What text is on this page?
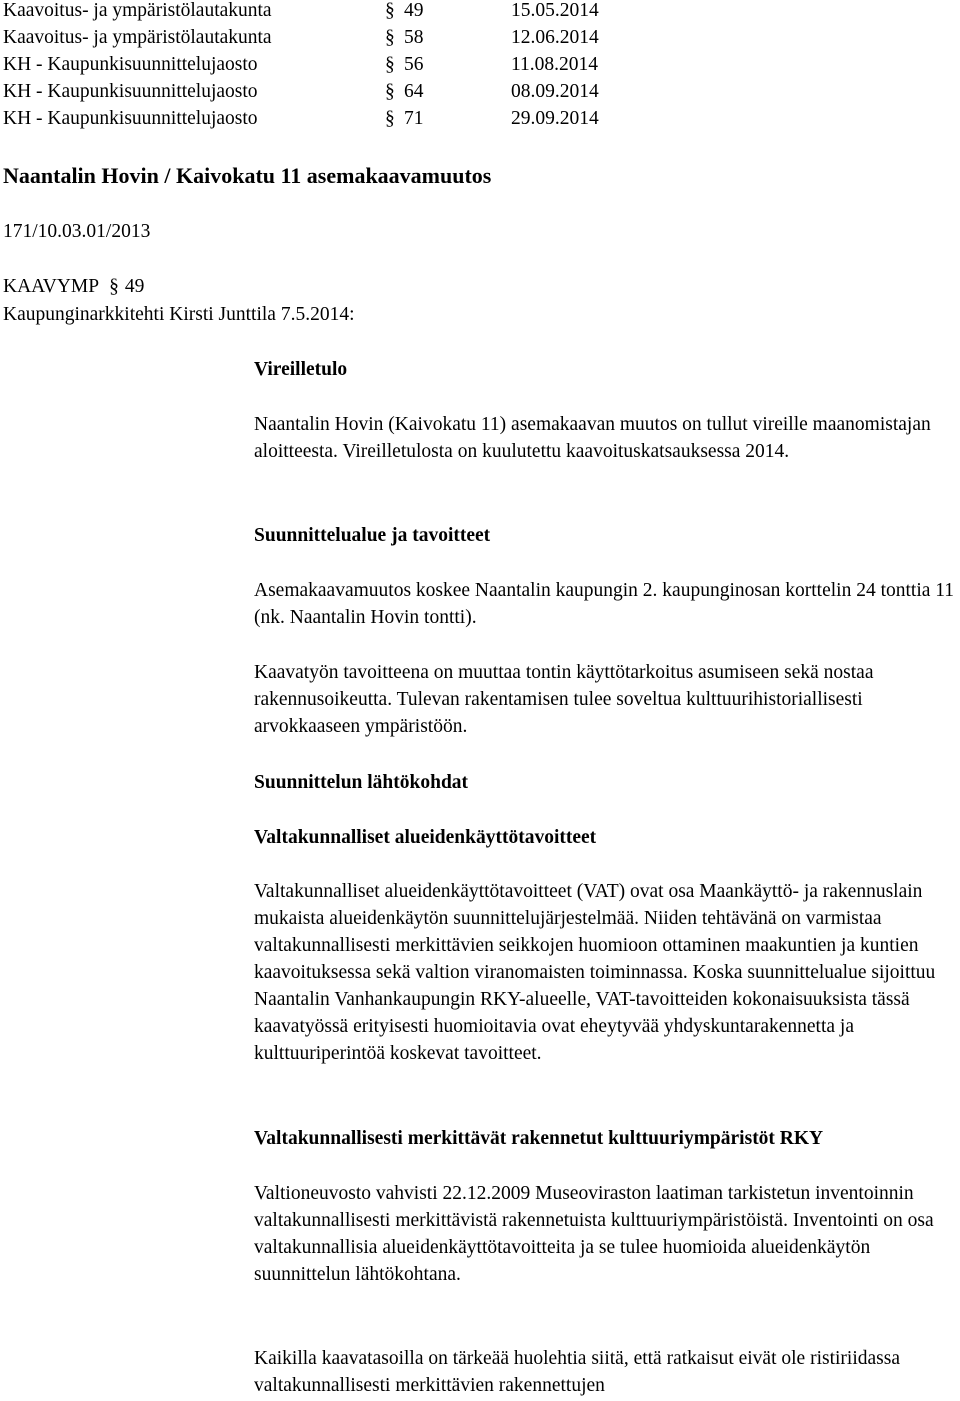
Kaavoitus- ja ympäristölautakunta	§ 49	15.05.2014
Kaavoitus- ja ympäristölautakunta	§ 58	12.06.2014
KH - Kaupunkisuunnittelujaosto	§ 56	11.08.2014
KH - Kaupunkisuunnittelujaosto	§ 64	08.09.2014
KH - Kaupunkisuunnittelujaosto	§ 71	29.09.2014
Naantalin Hovin / Kaivokatu 11 asemakaavamuutos
171/10.03.01/2013
KAAVYMP § 49
Kaupunginarkkitehti Kirsti Junttila 7.5.2014:

Vireilletulo

Naantalin Hovin (Kaivokatu 11) asemakaavan muutos on tullut vireille maanomistajan aloitteesta. Vireilletulosta on kuulutettu kaavoituskatsauksessa 2014.

Suunnittelualue ja tavoitteet

Asemakaavamuutos koskee Naantalin kaupungin 2. kaupunginosan korttelin 24 tonttia 11 (nk. Naantalin Hovin tontti).

Kaavatyön tavoitteena on muuttaa tontin käyttötarkoitus asumiseen sekä nostaa rakennusoikeutta. Tulevan rakentamisen tulee soveltua kulttuurihistoriallisesti arvokkaaseen ympäristöön.

Suunnittelun lähtökohdat

Valtakunnalliset alueidenkäyttötavoitteet

Valtakunnalliset alueidenkäyttötavoitteet (VAT) ovat osa Maankäyttö- ja rakennuslain mukaista alueidenkäytön suunnittelujärjestelmää. Niiden tehtävänä on varmistaa valtakunnallisesti merkittävien seikkojen huomioon ottaminen maakuntien ja kuntien kaavoituksessa sekä valtion viranomaisten toiminnassa. Koska suunnittelualue sijoittuu Naantalin Vanhankaupungin RKY-alueelle, VAT-tavoitteiden kokonaisuuksista tässä kaavatyössä erityisesti huomioitavia ovat eheytyvää yhdyskuntarakennetta ja kulttuuriperintöä koskevat tavoitteet.

Valtakunnallisesti merkittävät rakennetut kulttuuriympäristöt RKY

Valtioneuvosto vahvisti 22.12.2009 Museoviraston laatiman tarkistetun inventoinnin valtakunnallisesti merkittävistä rakennetuista kulttuuriympäristöistä. Inventointi on osa valtakunnallisia alueidenkäyttötavoitteita ja se tulee huomioida alueidenkäytön suunnittelun lähtökohtana.

Kaikilla kaavatasoilla on tärkeää huolehtia siitä, että ratkaisut eivät ole ristiriidassa valtakunnallisesti merkittävien rakennettujen
